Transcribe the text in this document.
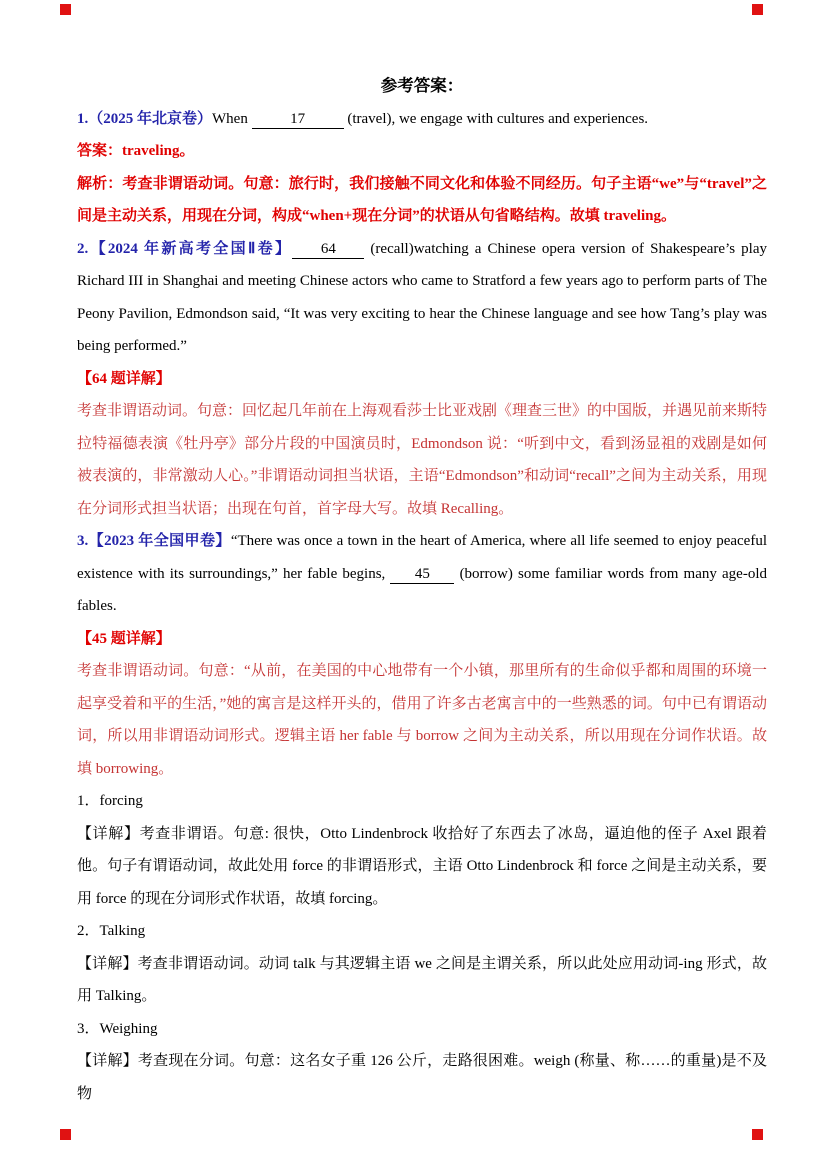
参考答案：
1.（2025 年北京卷）When	17	(travel), we engage with cultures and experiences.
答案：traveling。
解析：考查非谓语动词。句意：旅行时，我们接触不同文化和体验不同经历。句子主语“we”与“travel”之间是主动关系，用现在分词，构成“when+现在分词”的状语从句省略结构。故填 traveling。
2.【2024 年新高考全国Ⅱ卷】 64 (recall)watching a Chinese opera version of Shakespeare’s play Richard III in Shanghai and meeting Chinese actors who came to Stratford a few years ago to perform parts of The Peony Pavilion, Edmondson said, “It was very exciting to hear the Chinese language and see how Tang’s play was being performed.”
【64 题详解】
考查非谓语动词。句意：回忆起几年前在上海观看莎士比亚戏剧《理查三世》的中国版，并遇见前来斯特拉特福德表演《牡丹亭》部分片段的中国演员时，Edmondson 说：“听到中文，看到汤显祖的戏剧是如何被表演的，非常激动人心。”非谓语动词担当状语，主语“Edmondson”和动词“recall”之间为主动关系，用现在分词形式担当状语；出现在句首，首字母大写。故填 Recalling。
3.【2023 年全国甲卷】“There was once a town in the heart of America, where all life seemed to enjoy peaceful existence with its surroundings,” her fable begins, 45 (borrow) some familiar words from many age-old fables.
【45 题详解】
考查非谓语动词。句意：“从前，在美国的中心地带有一个小镇，那里所有的生命似乎都和周围的环境一起享受着和平的生活，”她的寓言是这样开头的，借用了许多古老寓言中的一些熟悉的词。句中已有谓语动词，所以用非谓语动词形式。逻辑主语 her fable 与 borrow 之间为主动关系，所以用现在分词作状语。故填 borrowing。
1．forcing
【详解】考查非谓语。句意: 很快，Otto Lindenbrock 收拾好了东西去了冰岛，逼迫他的侄子 Axel 跟着他。句子有谓语动词，故此处用 force 的非谓语形式，主语 Otto Lindenbrock 和 force 之间是主动关系，要用 force 的现在分词形式作状语，故填 forcing。
2．Talking
【详解】考查非谓语动词。动词 talk 与其逻辑主语 we 之间是主谓关系，所以此处应用动词-ing 形式，故用 Talking。
3．Weighing
【详解】考查现在分词。句意：这名女子重 126 公斤，走路很困难。weigh (称量、称……的重量)是不及物
